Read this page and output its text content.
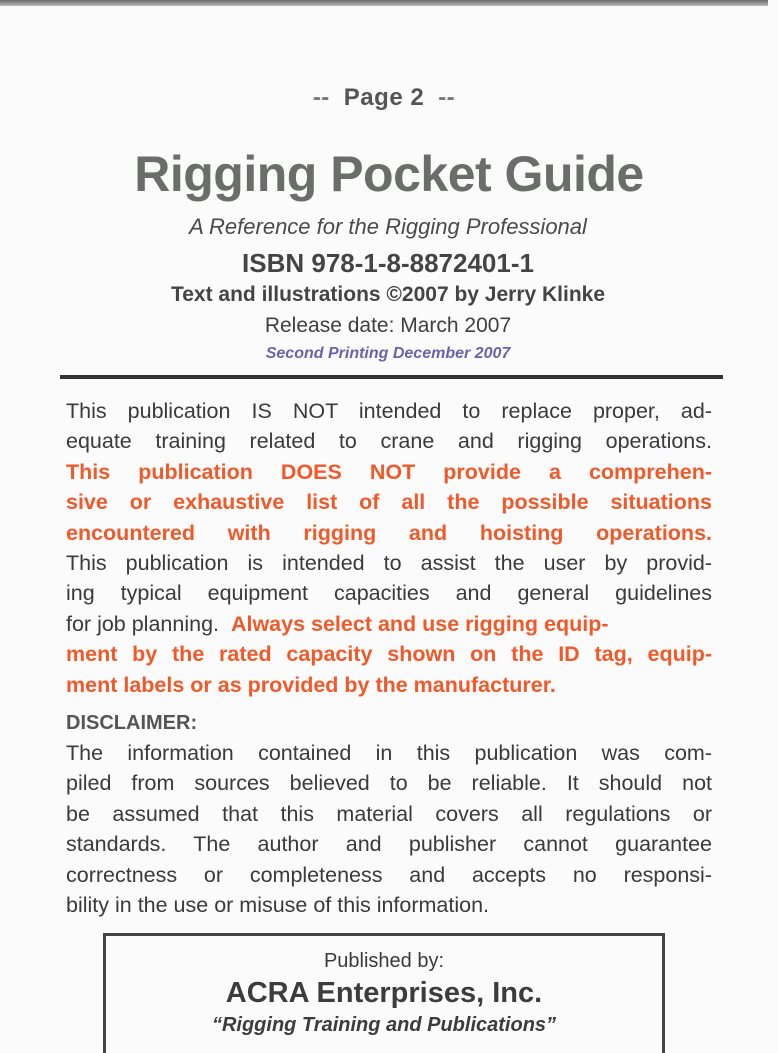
-- Page 2 --
Rigging Pocket Guide
A Reference for the Rigging Professional
ISBN 978-1-8-8872401-1
Text and illustrations ©2007 by Jerry Klinke
Release date: March 2007
Second Printing December 2007
This publication IS NOT intended to replace proper, ad-
equate training related to crane and rigging operations.
This publication DOES NOT provide a comprehen-
sive or exhaustive list of all the possible situations
encountered with rigging and hoisting operations.
This publication is intended to assist the user by provid-
ing typical equipment capacities and general guidelines
for job planning. Always select and use rigging equip-
ment by the rated capacity shown on the ID tag, equip-
ment labels or as provided by the manufacturer.
DISCLAIMER:
The information contained in this publication was com-
piled from sources believed to be reliable. It should not
be assumed that this material covers all regulations or
standards. The author and publisher cannot guarantee
correctness or completeness and accepts no responsi-
bility in the use or misuse of this information.
Published by:
ACRA Enterprises, Inc.
“Rigging Training and Publications”
